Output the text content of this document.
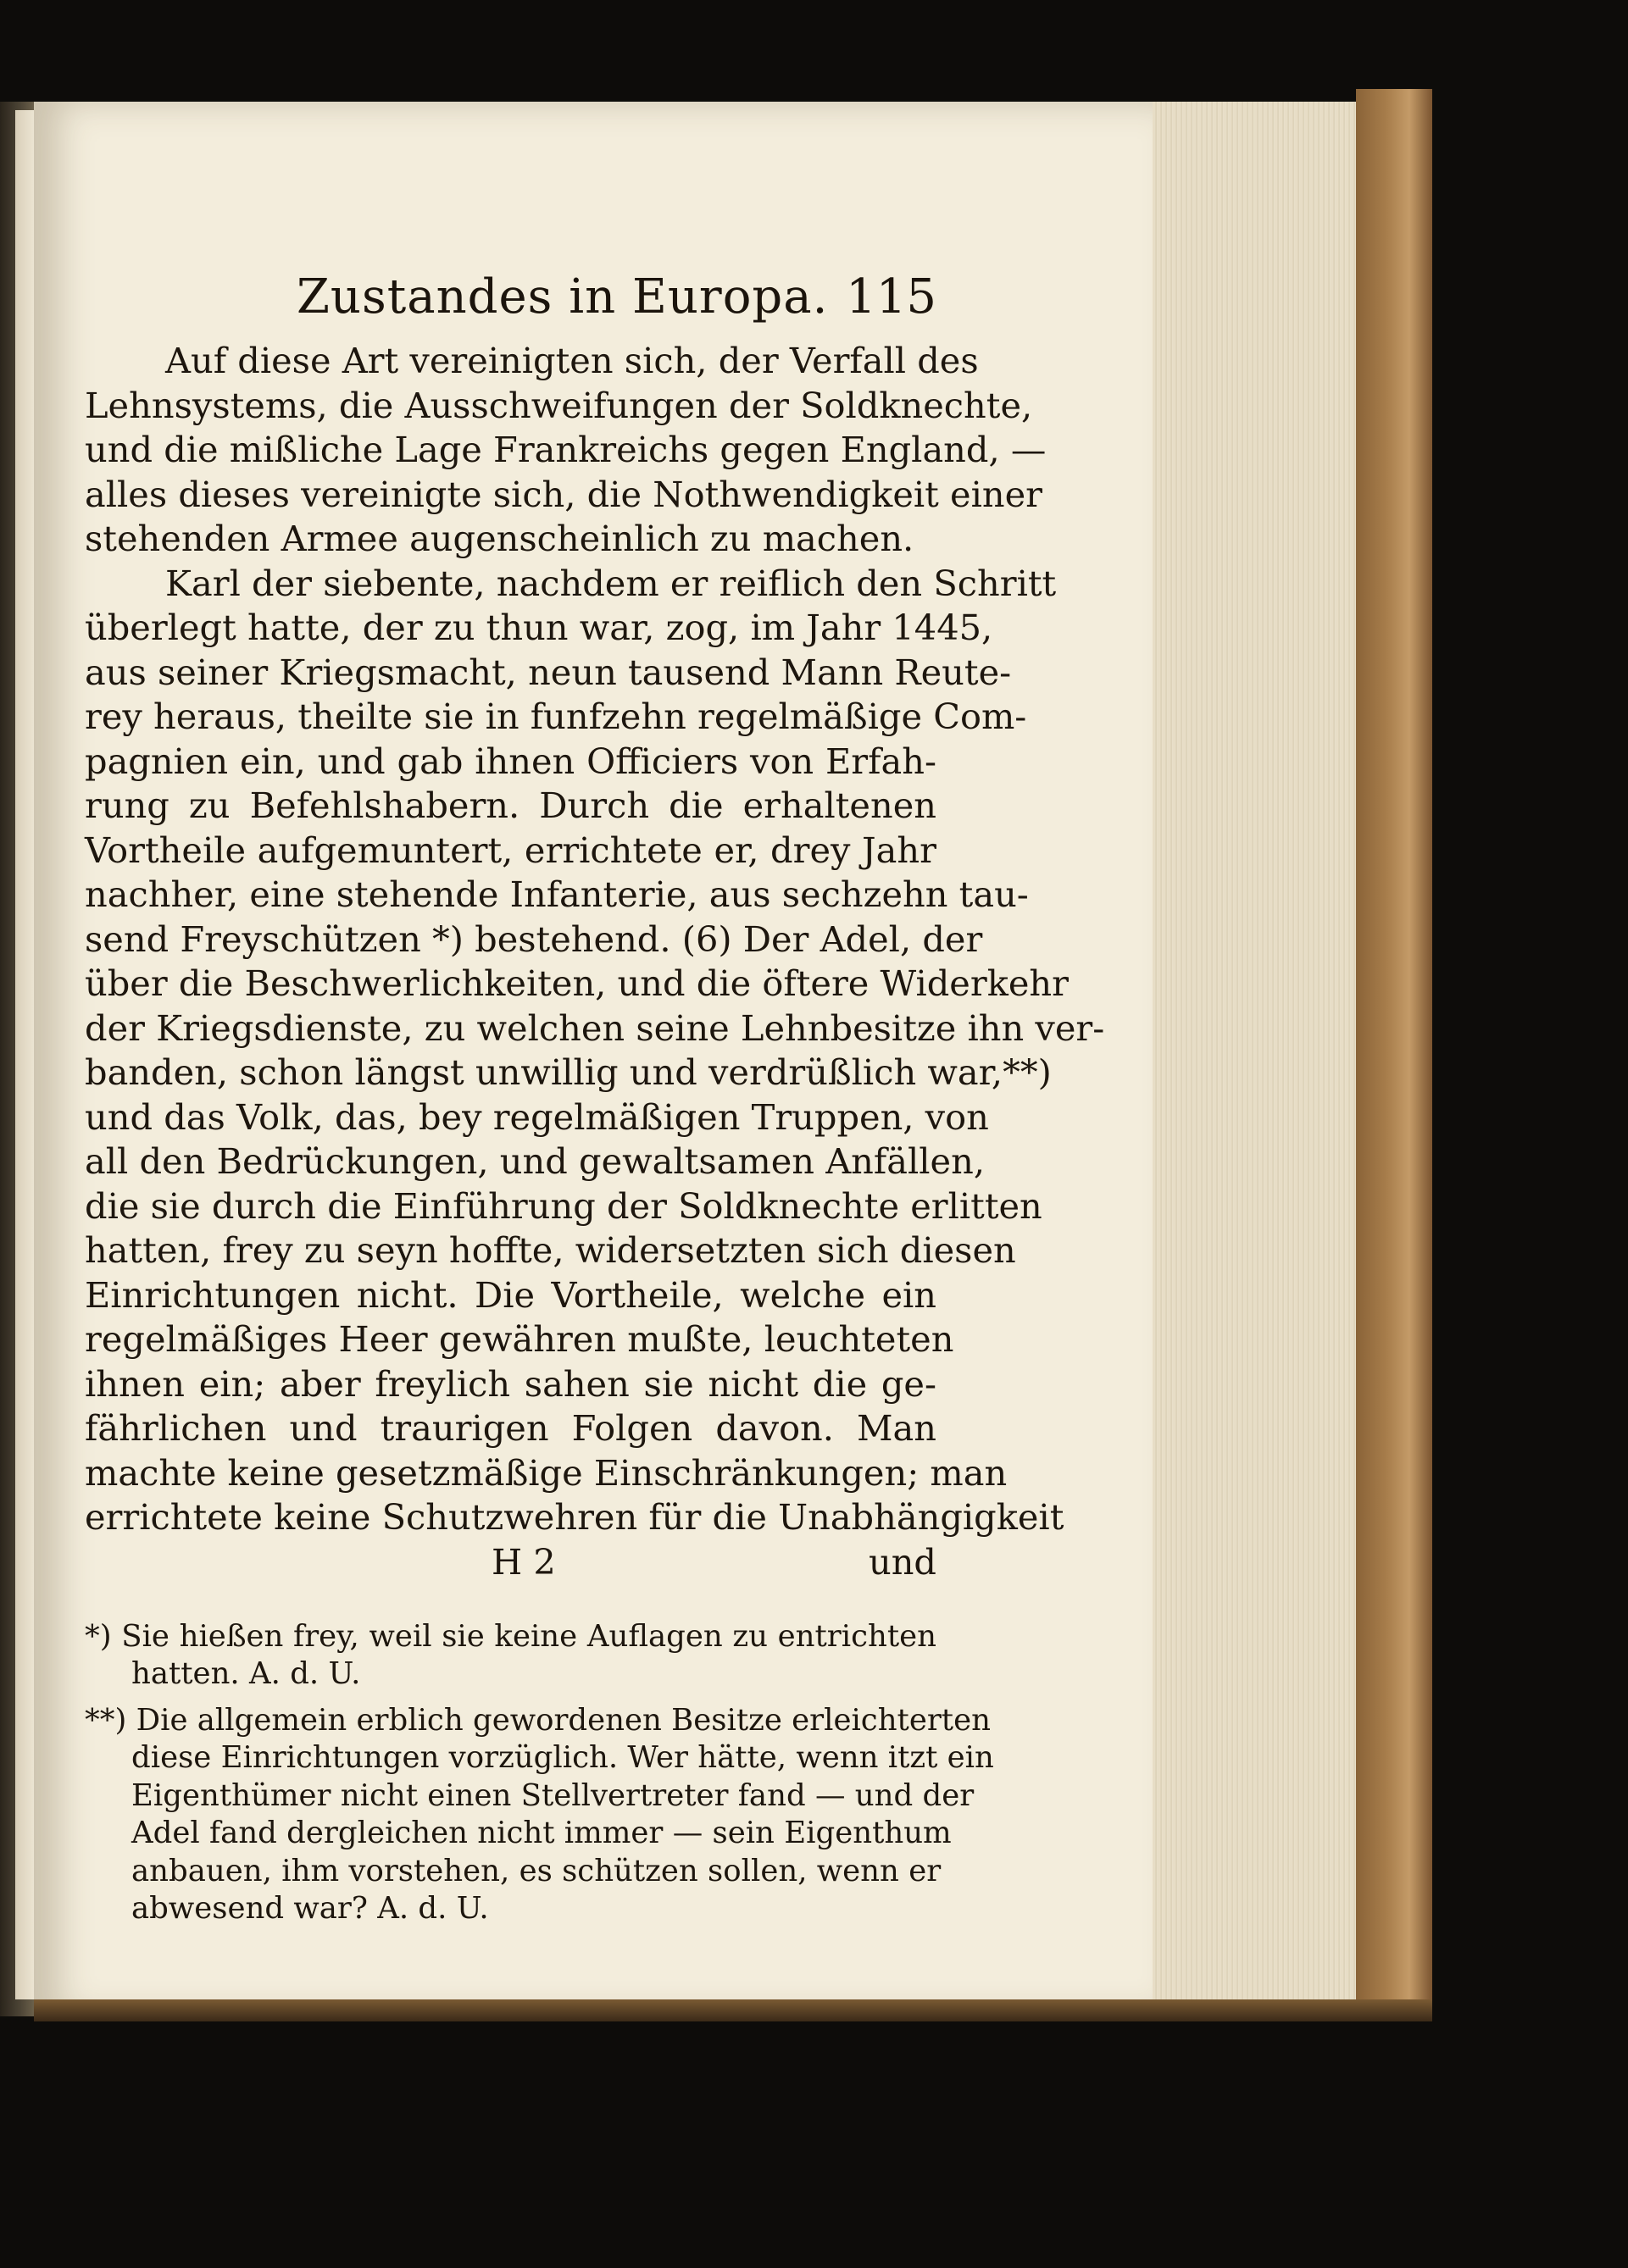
Zustandes in Europa. 115
Auf diese Art vereinigten sich, der Verfall des
Lehnsystems, die Ausschweifungen der Soldknechte,
und die mißliche Lage Frankreichs gegen England, —
alles dieses vereinigte sich, die Nothwendigkeit einer
stehenden Armee augenscheinlich zu machen.
Karl der siebente, nachdem er reiflich den Schritt
überlegt hatte, der zu thun war, zog, im Jahr 1445,
aus seiner Kriegsmacht, neun tausend Mann Reute-
rey heraus, theilte sie in funfzehn regelmäßige Com-
pagnien ein, und gab ihnen Officiers von Erfah-
rung zu Befehlshabern. Durch die erhaltenen
Vortheile aufgemuntert, errichtete er, drey Jahr
nachher, eine stehende Infanterie, aus sechzehn tau-
send Freyschützen *) bestehend. (6) Der Adel, der
über die Beschwerlichkeiten, und die öftere Widerkehr
der Kriegsdienste, zu welchen seine Lehnbesitze ihn ver-
banden, schon längst unwillig und verdrüßlich war,**)
und das Volk, das, bey regelmäßigen Truppen, von
all den Bedrückungen, und gewaltsamen Anfällen,
die sie durch die Einführung der Soldknechte erlitten
hatten, frey zu seyn hoffte, widersetzten sich diesen
Einrichtungen nicht. Die Vortheile, welche ein
regelmäßiges Heer gewähren mußte, leuchteten
ihnen ein; aber freylich sahen sie nicht die ge-
fährlichen und traurigen Folgen davon. Man
machte keine gesetzmäßige Einschränkungen; man
errichtete keine Schutzwehren für die Unabhängigkeit
H 2	und
*) Sie hießen frey, weil sie keine Auflagen zu entrichten
hatten. A. d. U.
**) Die allgemein erblich gewordenen Besitze erleichterten
diese Einrichtungen vorzüglich. Wer hätte, wenn itzt ein
Eigenthümer nicht einen Stellvertreter fand — und der
Adel fand dergleichen nicht immer — sein Eigenthum
anbauen, ihm vorstehen, es schützen sollen, wenn er
abwesend war? A. d. U.
